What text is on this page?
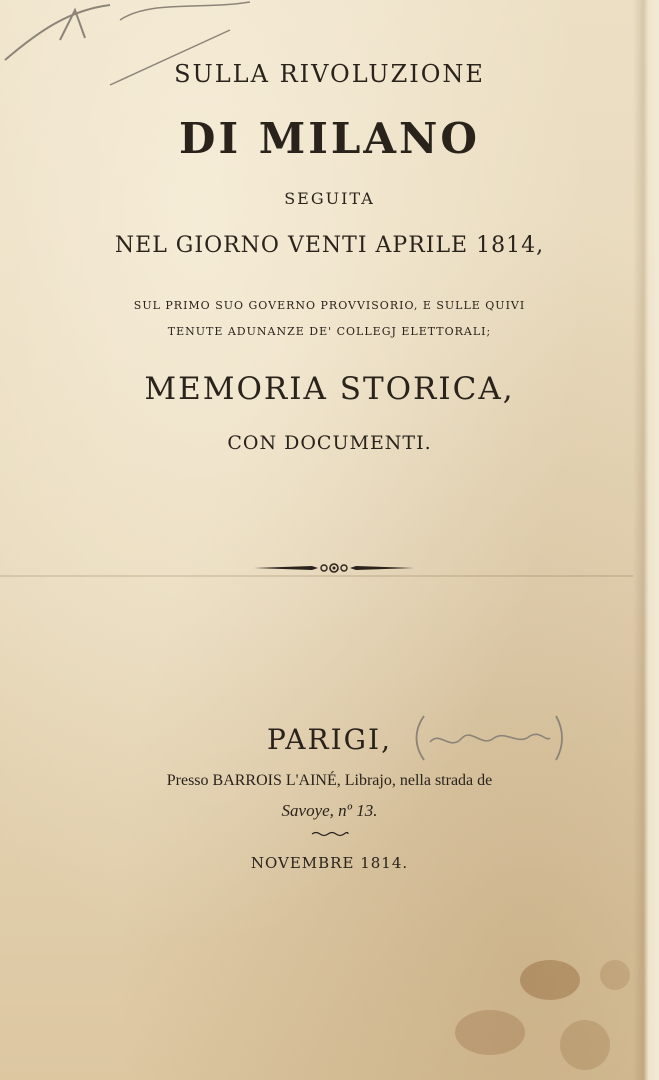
SULLA RIVOLUZIONE
DI MILANO
SEGUITA
NEL GIORNO VENTI APRILE 1814,
SUL PRIMO SUO GOVERNO PROVVISORIO, E SULLE QUIVI
TENUTE ADUNANZE DE' COLLEGJ ELETTORALI;
MEMORIA STORICA,
CON DOCUMENTI.
PARIGI,
Presso BARROIS L'AINÉ, Librajo, nella strada de
Savoye, nº 13.
NOVEMBRE 1814.
